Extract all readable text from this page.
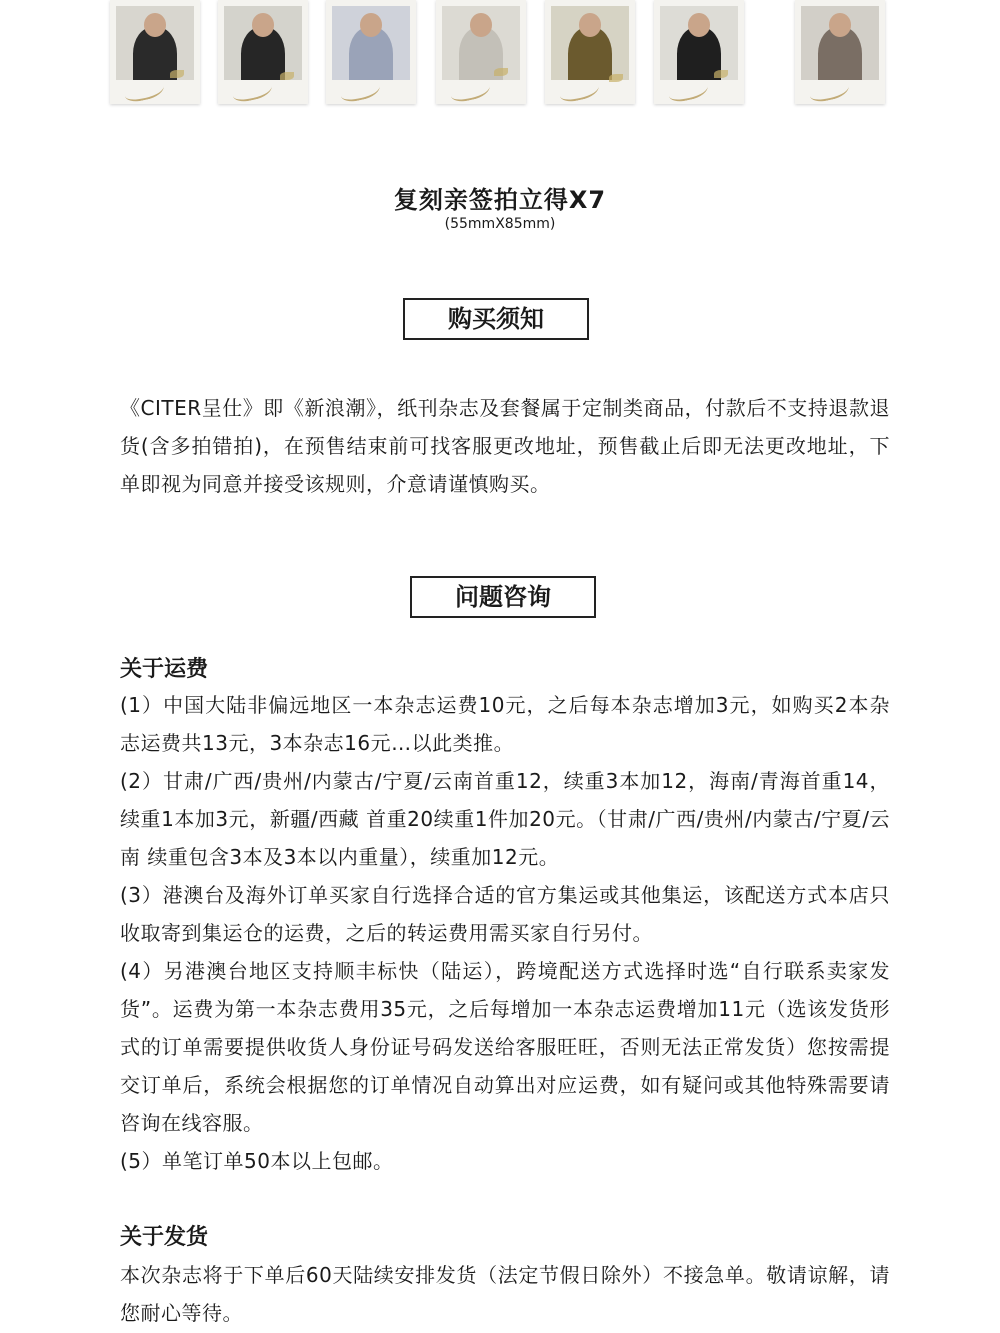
复刻亲签拍立得X7
(55mmX85mm)
购买须知
《CITER呈仕》即《新浪潮》，纸刊杂志及套餐属于定制类商品，付款后不支持退款退货(含多拍错拍)，在预售结束前可找客服更改地址，预售截止后即无法更改地址，下单即视为同意并接受该规则，介意请谨慎购买。
问题咨询
关于运费

(1）中国大陆非偏远地区一本杂志运费10元，之后每本杂志增加3元，如购买2本杂志运费共13元，3本杂志16元…以此类推。

(2）甘肃/广西/贵州/内蒙古/宁夏/云南首重12，续重3本加12，海南/青海首重14，续重1本加3元，新疆/西藏 首重20续重1件加20元。（甘肃/广西/贵州/内蒙古/宁夏/云南 续重包含3本及3本以内重量），续重加12元。

(3）港澳台及海外订单买家自行选择合适的官方集运或其他集运，该配送方式本店只收取寄到集运仓的运费，之后的转运费用需买家自行另付。

(4）另港澳台地区支持顺丰标快（陆运），跨境配送方式选择时选“自行联系卖家发货”。运费为第一本杂志费用35元，之后每增加一本杂志运费增加11元（选该发货形式的订单需要提供收货人身份证号码发送给客服旺旺，否则无法正常发货）您按需提交订单后，系统会根据您的订单情况自动算出对应运费，如有疑问或其他特殊需要请咨询在线容服。

(5）单笔订单50本以上包邮。

关于发货

本次杂志将于下单后60天陆续安排发货（法定节假日除外）不接急单。敬请谅解，请您耐心等待。
